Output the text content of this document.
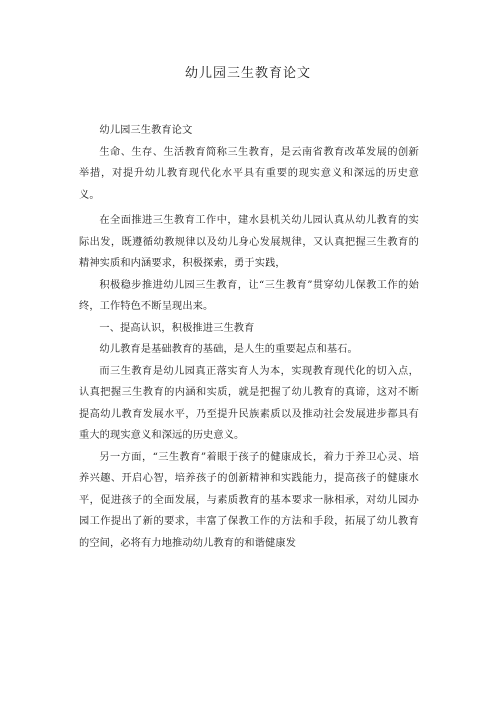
幼儿园三生教育论文

幼儿园三生教育论文

生命、生存、生活教育简称三生教育，是云南省教育改革发展的创新举措，对提升幼儿教育现代化水平具有重要的现实意义和深远的历史意义。

在全面推进三生教育工作中，建水县机关幼儿园认真从幼儿教育的实际出发，既遵循幼教规律以及幼儿身心发展规律，又认真把握三生教育的精神实质和内涵要求，积极探索，勇于实践，

积极稳步推进幼儿园三生教育，让“三生教育”贯穿幼儿保教工作的始终，工作特色不断呈现出来。

一、提高认识，积极推进三生教育

幼儿教育是基础教育的基础，是人生的重要起点和基石。

而三生教育是幼儿园真正落实育人为本，实现教育现代化的切入点，认真把握三生教育的内涵和实质，就是把握了幼儿教育的真谛，这对不断提高幼儿教育发展水平，乃至提升民族素质以及推动社会发展进步都具有重大的现实意义和深远的历史意义。

另一方面，“三生教育”着眼于孩子的健康成长，着力于养卫心灵、培养兴趣、开启心智，培养孩子的创新精神和实践能力，提高孩子的健康水平，促进孩子的全面发展，与素质教育的基本要求一脉相承，对幼儿园办园工作提出了新的要求，丰富了保教工作的方法和手段，拓展了幼儿教育的空间，必将有力地推动幼儿教育的和谐健康发
